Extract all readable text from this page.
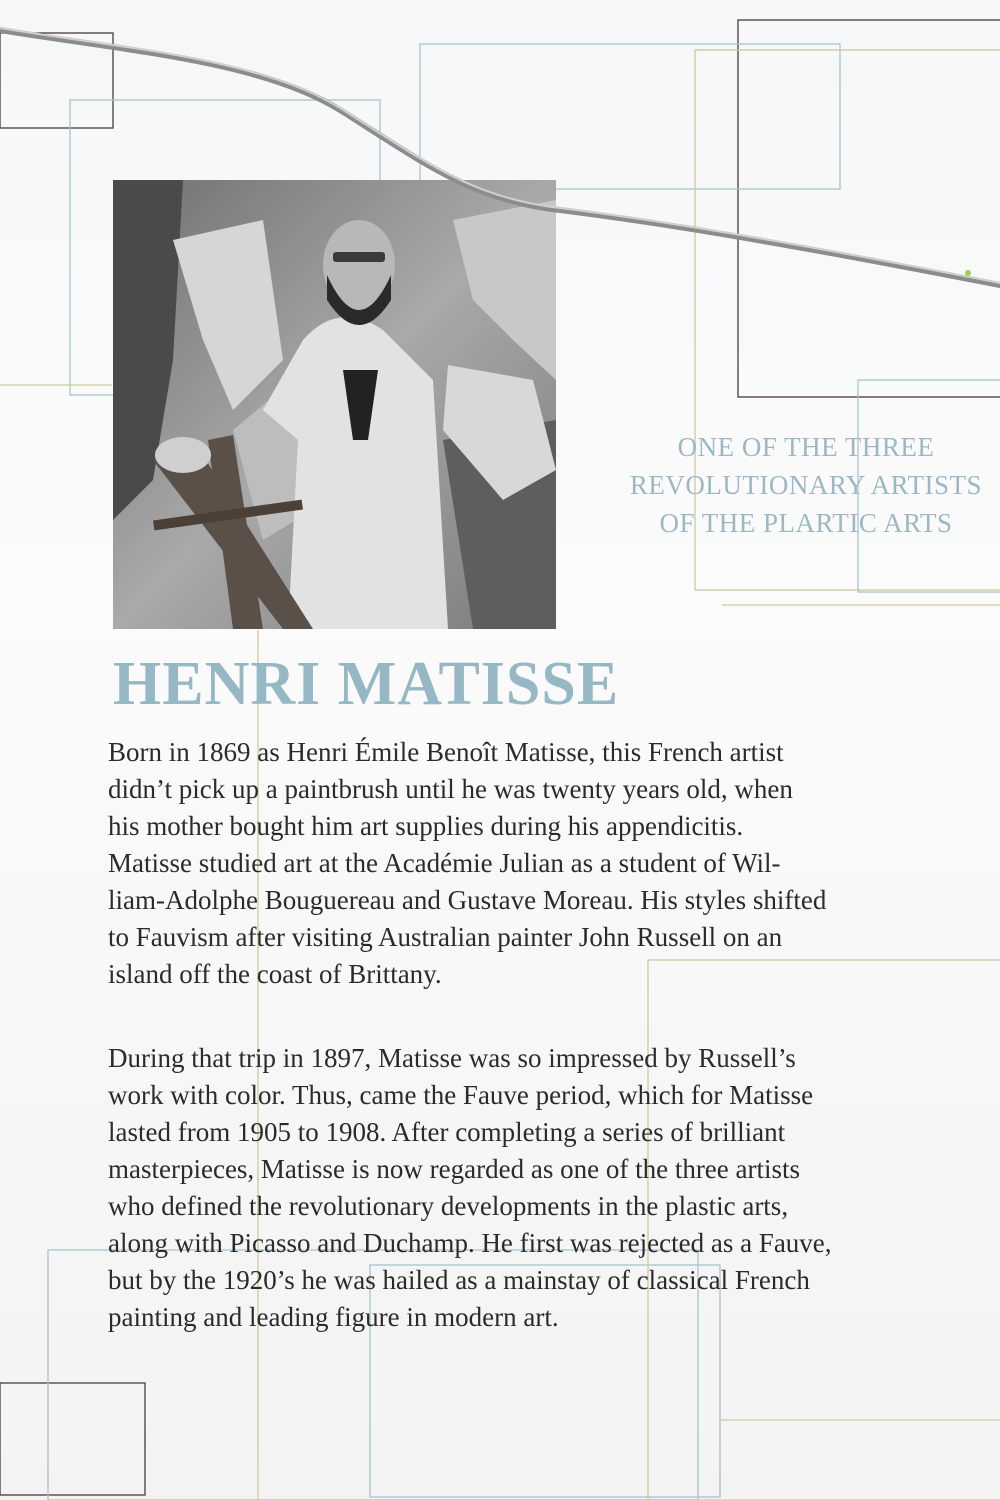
ONE OF THE THREE
REVOLUTIONARY ARTISTS
OF THE PLARTIC ARTS
HENRI MATISSE

Born in 1869 as Henri Émile Benoît Matisse, this French artist
didn’t pick up a paintbrush until he was twenty years old, when
his mother bought him art supplies during his appendicitis.
Matisse studied art at the Académie Julian as a student of Wil-
liam-Adolphe Bouguereau and Gustave Moreau. His styles shifted
to Fauvism after visiting Australian painter John Russell on an
island off the coast of Brittany.

During that trip in 1897, Matisse was so impressed by Russell’s
work with color. Thus, came the Fauve period, which for Matisse
lasted from 1905 to 1908. After completing a series of brilliant
masterpieces, Matisse is now regarded as one of the three artists
who defined the revolutionary developments in the plastic arts,
along with Picasso and Duchamp. He first was rejected as a Fauve,
but by the 1920’s he was hailed as a mainstay of classical French
painting and leading figure in modern art.
